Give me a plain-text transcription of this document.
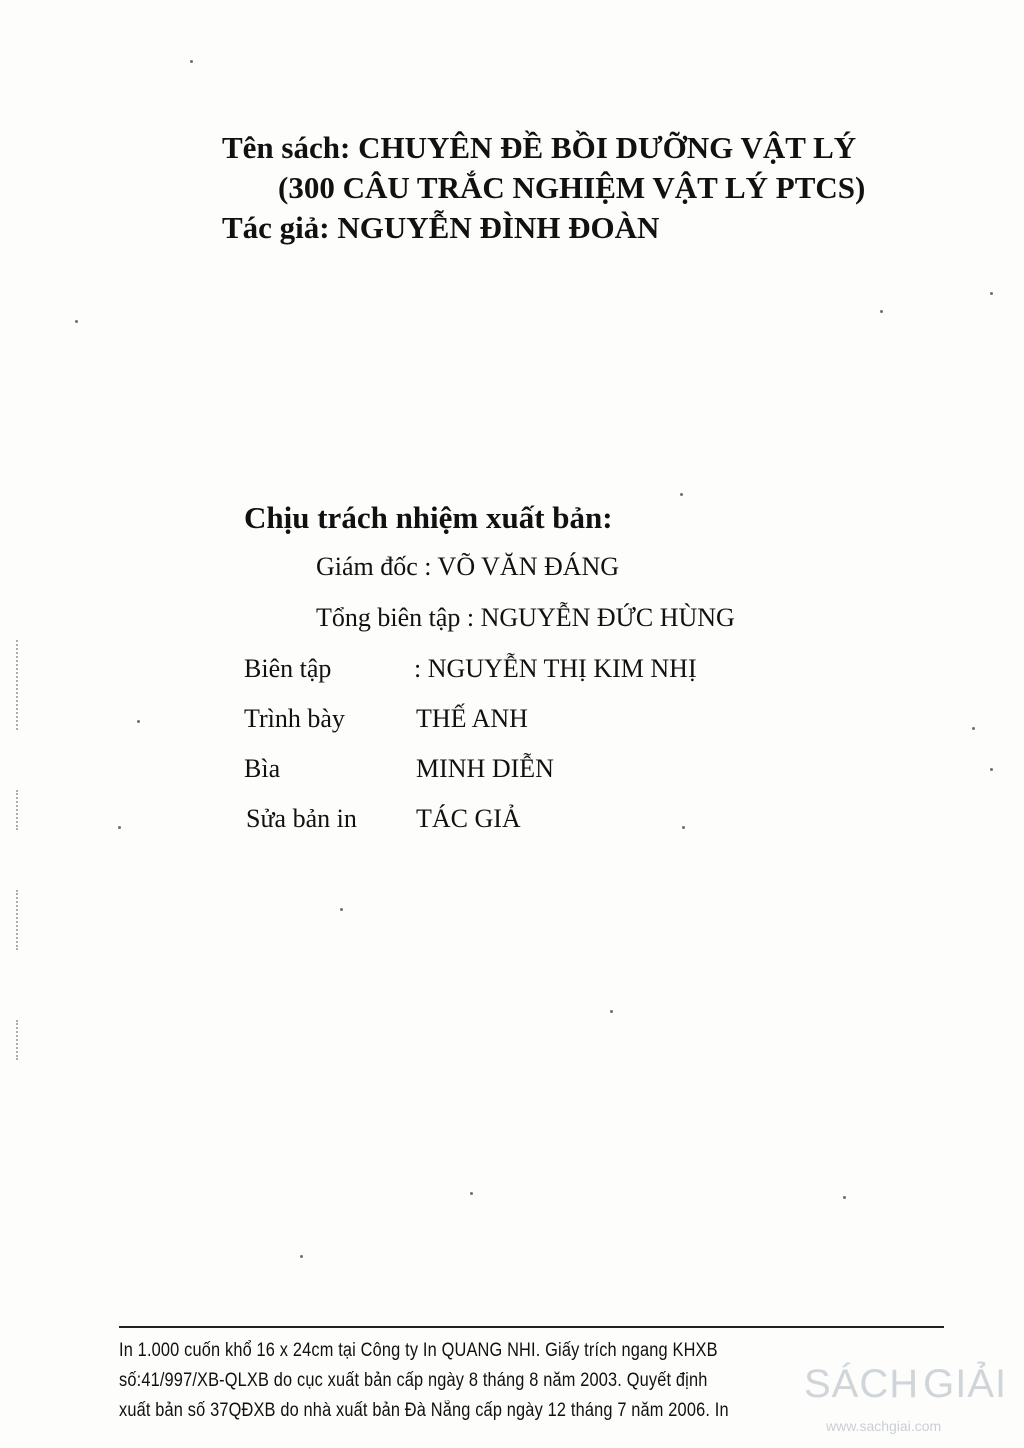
Tên sách: CHUYÊN ĐỀ BỒI DƯỠNG VẬT LÝ
(300 CÂU TRẮC NGHIỆM VẬT LÝ PTCS)
Tác giả: NGUYỄN ĐÌNH ĐOÀN
Chịu trách nhiệm xuất bản:
Giám đốc : VÕ VĂN ĐÁNG
Tổng biên tập : NGUYỄN ĐỨC HÙNG
Biên tập	: NGUYỄN THỊ KIM NHỊ
Trình bày	THẾ ANH
Bìa	MINH DIỄN
Sửa bản in TÁC GIẢ
In 1.000 cuốn khổ 16 x 24cm tại Công ty In QUANG NHI. Giấy trích ngang KHXB
số:41/997/XB-QLXB do cục xuất bản cấp ngày 8 tháng 8 năm 2003. Quyết định
xuất bản số 37QĐXB do nhà xuất bản Đà Nẵng cấp ngày 12 tháng 7 năm 2006. In
SÁCH GIẢI
www.sachgiai.com
